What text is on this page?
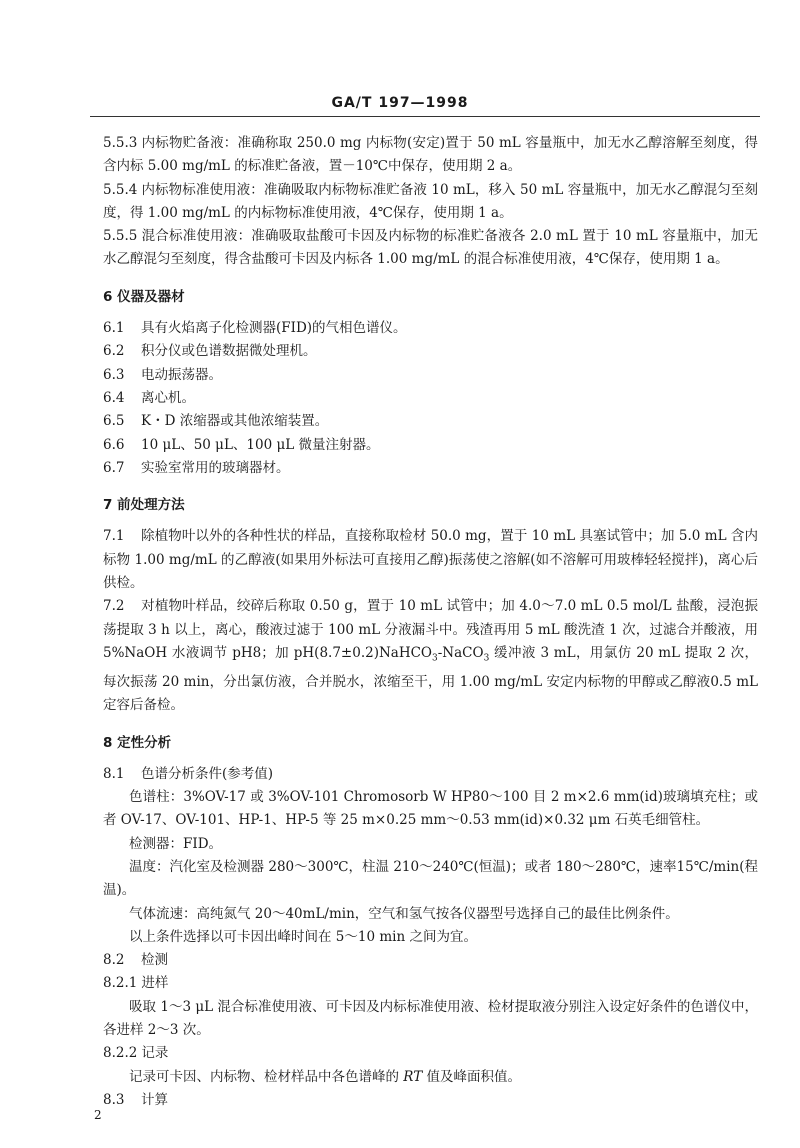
GA/T 197—1998

5.5.3 内标物贮备液：准确称取 250.0 mg 内标物(安定)置于 50 mL 容量瓶中，加无水乙醇溶解至刻度，得含内标 5.00 mg/mL 的标准贮备液，置－10℃中保存，使用期 2 a。

5.5.4 内标物标准使用液：准确吸取内标物标准贮备液 10 mL，移入 50 mL 容量瓶中，加无水乙醇混匀至刻度，得 1.00 mg/mL 的内标物标准使用液，4℃保存，使用期 1 a。

5.5.5 混合标准使用液：准确吸取盐酸可卡因及内标物的标准贮备液各 2.0 mL 置于 10 mL 容量瓶中，加无水乙醇混匀至刻度，得含盐酸可卡因及内标各 1.00 mg/mL 的混合标准使用液，4℃保存，使用期 1 a。

6 仪器及器材

6.1 具有火焰离子化检测器(FID)的气相色谱仪。

6.2 积分仪或色谱数据微处理机。

6.3 电动振荡器。

6.4 离心机。

6.5 K・D 浓缩器或其他浓缩装置。

6.6 10 μL、50 μL、100 μL 微量注射器。

6.7 实验室常用的玻璃器材。

7 前处理方法

7.1 除植物叶以外的各种性状的样品，直接称取检材 50.0 mg，置于 10 mL 具塞试管中；加 5.0 mL 含内标物 1.00 mg/mL 的乙醇液(如果用外标法可直接用乙醇)振荡使之溶解(如不溶解可用玻棒轻轻搅拌)，离心后供检。

7.2 对植物叶样品，绞碎后称取 0.50 g，置于 10 mL 试管中；加 4.0～7.0 mL 0.5 mol/L 盐酸，浸泡振荡提取 3 h 以上，离心，酸液过滤于 100 mL 分液漏斗中。残渣再用 5 mL 酸洗渣 1 次，过滤合并酸液，用 5%NaOH 水液调节 pH8；加 pH(8.7±0.2)NaHCO$_3$-NaCO$_3$ 缓冲液 3 mL，用氯仿 20 mL 提取 2 次，每次振荡 20 min，分出氯仿液，合并脱水，浓缩至干，用 1.00 mg/mL 安定内标物的甲醇或乙醇液0.5 mL 定容后备检。

8 定性分析

8.1 色谱分析条件(参考值)

色谱柱：3%OV-17 或 3%OV-101 Chromosorb W HP80～100 目 2 m×2.6 mm(id)玻璃填充柱；或者 OV-17、OV-101、HP-1、HP-5 等 25 m×0.25 mm～0.53 mm(id)×0.32 μm 石英毛细管柱。

检测器：FID。

温度：汽化室及检测器 280～300℃，柱温 210～240℃(恒温)；或者 180～280℃，速率15℃/min(程温)。

气体流速：高纯氮气 20～40mL/min，空气和氢气按各仪器型号选择自己的最佳比例条件。

以上条件选择以可卡因出峰时间在 5～10 min 之间为宜。

8.2 检测

8.2.1 进样

吸取 1～3 μL 混合标准使用液、可卡因及内标标准使用液、检材提取液分别注入设定好条件的色谱仪中，各进样 2～3 次。

8.2.2 记录

记录可卡因、内标物、检材样品中各色谱峰的 RT 值及峰面积值。

8.3 计算

2
